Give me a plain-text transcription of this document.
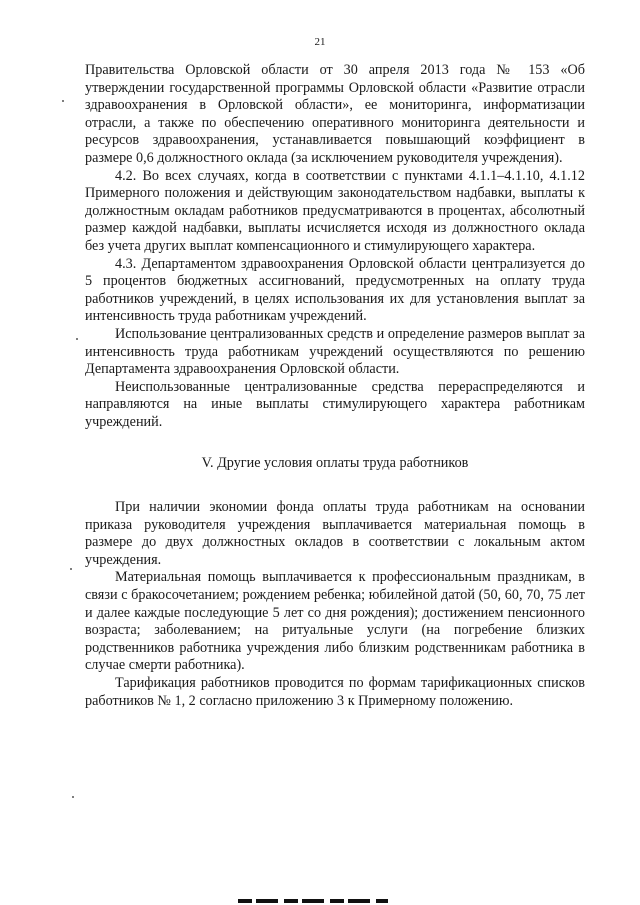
21

Правительства Орловской области от 30 апреля 2013 года № 153 «Об утверждении государственной программы Орловской области «Развитие отрасли здравоохранения в Орловской области», ее мониторинга, информатизации отрасли, а также по обеспечению оперативного мониторинга деятельности и ресурсов здравоохранения, устанавливается повышающий коэффициент в размере 0,6 должностного оклада (за исключением руководителя учреждения).

4.2. Во всех случаях, когда в соответствии с пунктами 4.1.1–4.1.10, 4.1.12 Примерного положения и действующим законодательством надбавки, выплаты к должностным окладам работников предусматриваются в процентах, абсолютный размер каждой надбавки, выплаты исчисляется исходя из должностного оклада без учета других выплат компенсационного и стимулирующего характера.

4.3. Департаментом здравоохранения Орловской области централизуется до 5 процентов бюджетных ассигнований, предусмотренных на оплату труда работников учреждений, в целях использования их для установления выплат за интенсивность труда работникам учреждений.

Использование централизованных средств и определение размеров выплат за интенсивность труда работникам учреждений осуществляются по решению Департамента здравоохранения Орловской области.

Неиспользованные централизованные средства перераспределяются и направляются на иные выплаты стимулирующего характера работникам учреждений.

V. Другие условия оплаты труда работников

При наличии экономии фонда оплаты труда работникам на основании приказа руководителя учреждения выплачивается материальная помощь в размере до двух должностных окладов в соответствии с локальным актом учреждения.

Материальная помощь выплачивается к профессиональным праздникам, в связи с бракосочетанием; рождением ребенка; юбилейной датой (50, 60, 70, 75 лет и далее каждые последующие 5 лет со дня рождения); достижением пенсионного возраста; заболеванием; на ритуальные услуги (на погребение близких родственников работника учреждения либо близким родственникам работника в случае смерти работника).

Тарификация работников проводится по формам тарификационных списков работников № 1, 2 согласно приложению 3 к Примерному положению.
